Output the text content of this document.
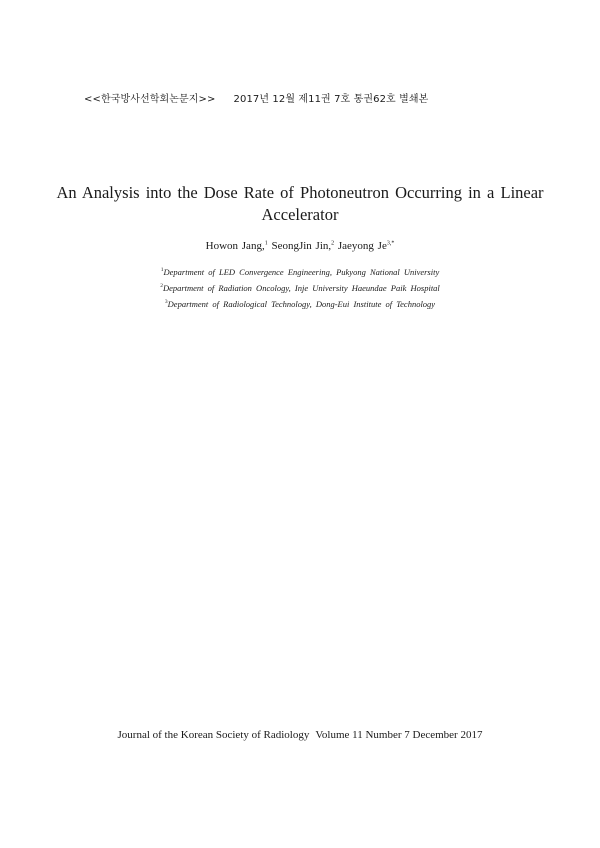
<<한국방사선학회논문지>> 2017년 12월 제11권 7호 통권62호 별쇄본
An Analysis into the Dose Rate of Photoneutron Occurring in a Linear Accelerator
Howon Jang,$^1$ SeongJin Jin,$^2$ Jaeyong $Je^{3,*}$
$^1$Department of LED Convergence Engineering, Pukyong National University
$^2$Department of Radiation Oncology, Inje University Haeundae Paik Hospital
$^3$Department of Radiological Technology, Dong-Eui Institute of Technology
Journal of the Korean Society of Radiology Volume 11 Number 7 December 2017
